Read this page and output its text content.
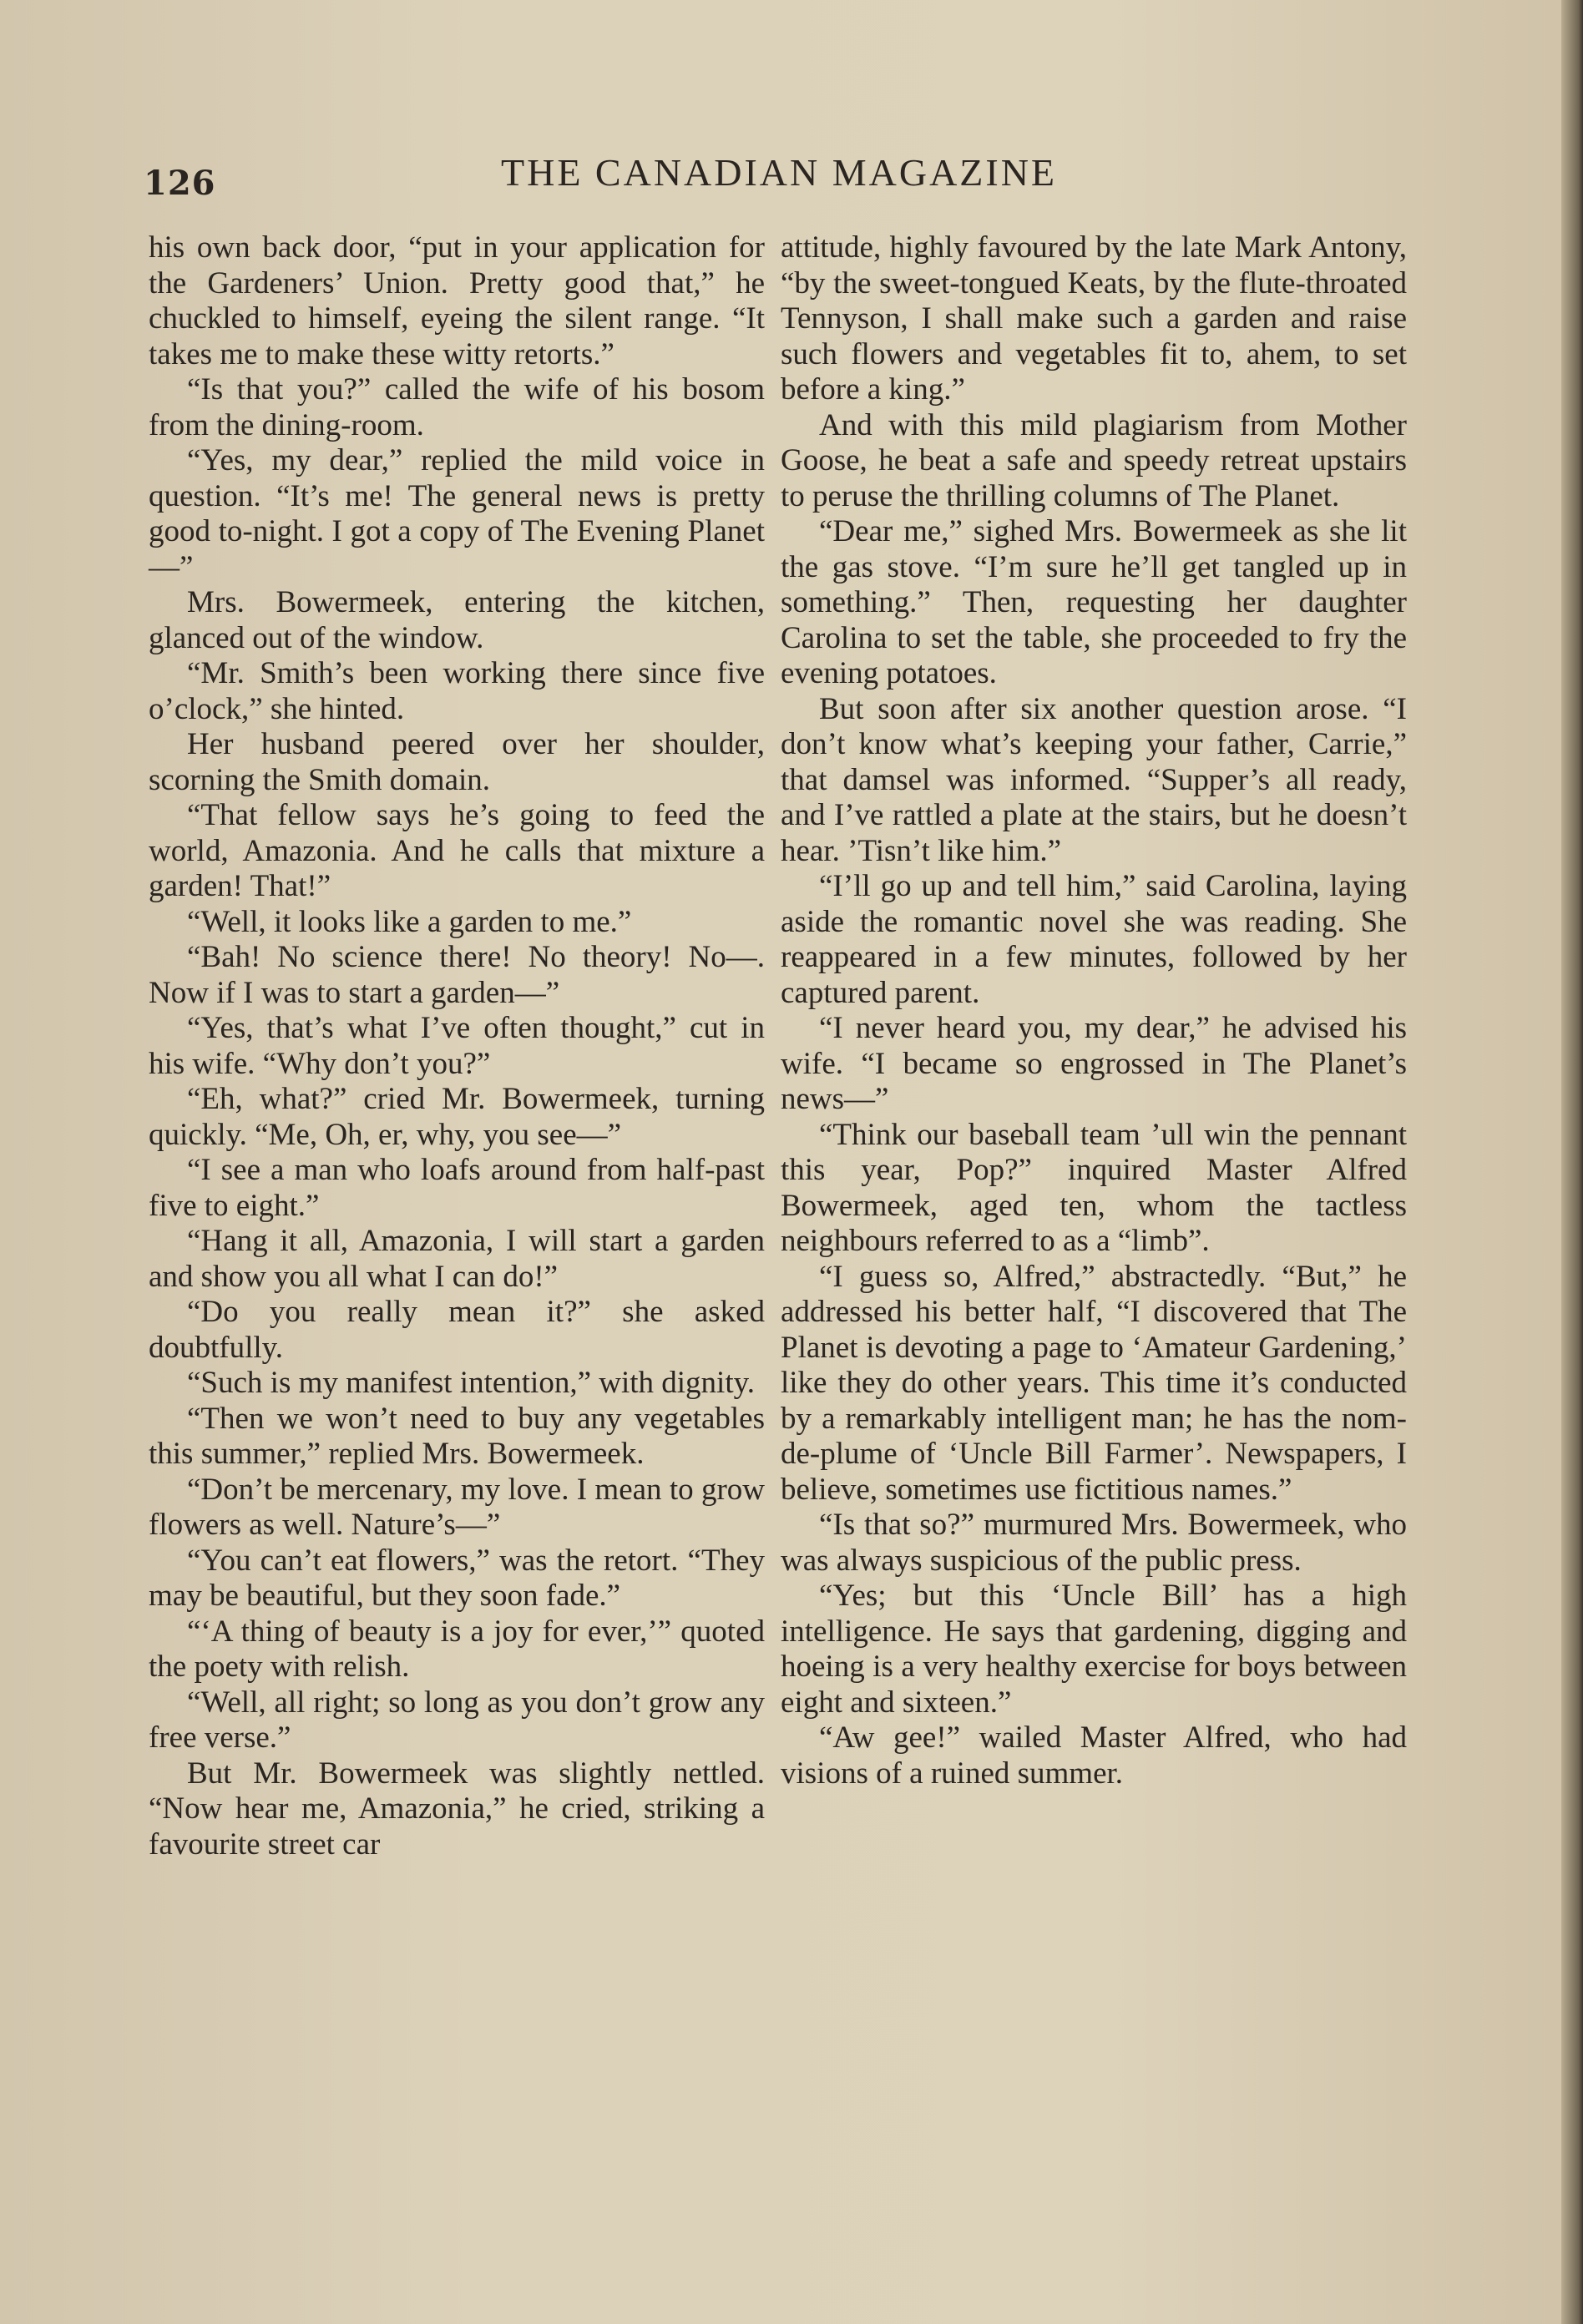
126	THE CANADIAN MAGAZINE

his own back door, “put in your application for the Gardeners’ Union. Pretty good that,” he chuckled to himself, eyeing the silent range. “It takes me to make these witty retorts.”

“Is that you?” called the wife of his bosom from the dining-room.

“Yes, my dear,” replied the mild voice in question. “It’s me! The general news is pretty good to-night. I got a copy of The Evening Planet—”

Mrs. Bowermeek, entering the kitchen, glanced out of the window.

“Mr. Smith’s been working there since five o’clock,” she hinted.

Her husband peered over her shoulder, scorning the Smith domain.

“That fellow says he’s going to feed the world, Amazonia. And he calls that mixture a garden! That!”

“Well, it looks like a garden to me.”

“Bah! No science there! No theory! No—. Now if I was to start a garden—”

“Yes, that’s what I’ve often thought,” cut in his wife. “Why don’t you?”

“Eh, what?” cried Mr. Bowermeek, turning quickly. “Me, Oh, er, why, you see—”

“I see a man who loafs around from half-past five to eight.”

“Hang it all, Amazonia, I will start a garden and show you all what I can do!”

“Do you really mean it?” she asked doubtfully.

“Such is my manifest intention,” with dignity.

“Then we won’t need to buy any vegetables this summer,” replied Mrs. Bowermeek.

“Don’t be mercenary, my love. I mean to grow flowers as well. Nature’s—”

“You can’t eat flowers,” was the retort. “They may be beautiful, but they soon fade.”

“‘A thing of beauty is a joy for ever,’” quoted the poety with relish.

“Well, all right; so long as you don’t grow any free verse.”

But Mr. Bowermeek was slightly nettled. “Now hear me, Amazonia,” he cried, striking a favourite street car

attitude, highly favoured by the late Mark Antony, “by the sweet-tongued Keats, by the flute-throated Tennyson, I shall make such a garden and raise such flowers and vegetables fit to, ahem, to set before a king.”

And with this mild plagiarism from Mother Goose, he beat a safe and speedy retreat upstairs to peruse the thrilling columns of The Planet.

“Dear me,” sighed Mrs. Bowermeek as she lit the gas stove. “I’m sure he’ll get tangled up in something.” Then, requesting her daughter Carolina to set the table, she proceeded to fry the evening potatoes.

But soon after six another question arose. “I don’t know what’s keeping your father, Carrie,” that damsel was informed. “Supper’s all ready, and I’ve rattled a plate at the stairs, but he doesn’t hear. ’Tisn’t like him.”

“I’ll go up and tell him,” said Carolina, laying aside the romantic novel she was reading. She reappeared in a few minutes, followed by her captured parent.

“I never heard you, my dear,” he advised his wife. “I became so engrossed in The Planet’s news—”

“Think our baseball team ’ull win the pennant this year, Pop?” inquired Master Alfred Bowermeek, aged ten, whom the tactless neighbours referred to as a “limb”.

“I guess so, Alfred,” abstractedly. “But,” he addressed his better half, “I discovered that The Planet is devoting a page to ‘Amateur Gardening,’ like they do other years. This time it’s conducted by a remarkably intelligent man; he has the nom-de-plume of ‘Uncle Bill Farmer’. Newspapers, I believe, sometimes use fictitious names.”

“Is that so?” murmured Mrs. Bowermeek, who was always suspicious of the public press.

“Yes; but this ‘Uncle Bill’ has a high intelligence. He says that gardening, digging and hoeing is a very healthy exercise for boys between eight and sixteen.”

“Aw gee!” wailed Master Alfred, who had visions of a ruined summer.
